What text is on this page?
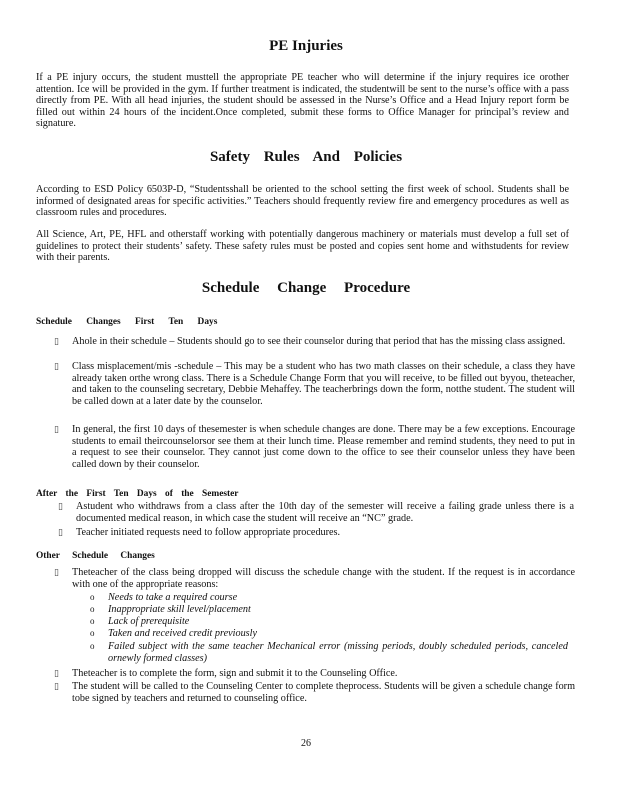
PE Injuries

If a PE injury occurs, the student musttell the appropriate PE teacher who will determine if the injury requires ice orother attention. Ice will be provided in the gym. If further treatment is indicated, the studentwill be sent to the nurse’s office with a pass directly from PE. With all head injuries, the student should be assessed in the Nurse’s Office and a Head Injury report form be filled out within 24 hours of the incident.Once completed, submit these forms to Office Manager for principal’s review and signature.

Safety Rules And Policies

According to ESD Policy 6503P-D, “Studentsshall be oriented to the school setting the first week of school. Students shall be informed of designated areas for specific activities.” Teachers should frequently review fire and emergency procedures as well as classroom rules and procedures.

All Science, Art, PE, HFL and otherstaff working with potentially dangerous machinery or materials must develop a full set of guidelines to protect their students’ safety. These safety rules must be posted and copies sent home and withstudents for review with their parents.

Schedule Change Procedure
Schedule Changes First Ten Days
▯ Ahole in their schedule – Students should go to see their counselor during that period that has the missing class assigned.
▯ Class misplacement/mis -schedule – This may be a student who has two math classes on their schedule, a class they have already taken orthe wrong class. There is a Schedule Change Form that you will receive, to be filled out byyou, theteacher, and taken to the counseling secretary, Debbie Mehaffey. The teacherbrings down the form, notthe student. The student will be called down at a later date by the counselor.
▯ In general, the first 10 days of thesemester is when schedule changes are done. There may be a few exceptions. Encourage students to email theircounselorsor see them at their lunch time. Please remember and remind students, they need to put in a request to see their counselor. They cannot just come down to the office to see their counselor unless they have been called down by their counselor.
After the First Ten Days of the Semester
▯ Astudent who withdraws from a class after the 10th day of the semester will receive a failing grade unless there is a documented medical reason, in which case the student will receive an “NC” grade.
▯ Teacher initiated requests need to follow appropriate procedures.
Other Schedule Changes
▯ Theteacher of the class being dropped will discuss the schedule change with the student. If the request is in accordance with one of the appropriate reasons:
o Needs to take a required course
o Inappropriate skill level/placement
o Lack of prerequisite
o Taken and received credit previously
o Failed subject with the same teacher Mechanical error (missing periods, doubly scheduled periods, canceled ornewly formed classes)
▯ Theteacher is to complete the form, sign and submit it to the Counseling Office.
▯ The student will be called to the Counseling Center to complete theprocess. Students will be given a schedule change form tobe signed by teachers and returned to counseling office.
26
